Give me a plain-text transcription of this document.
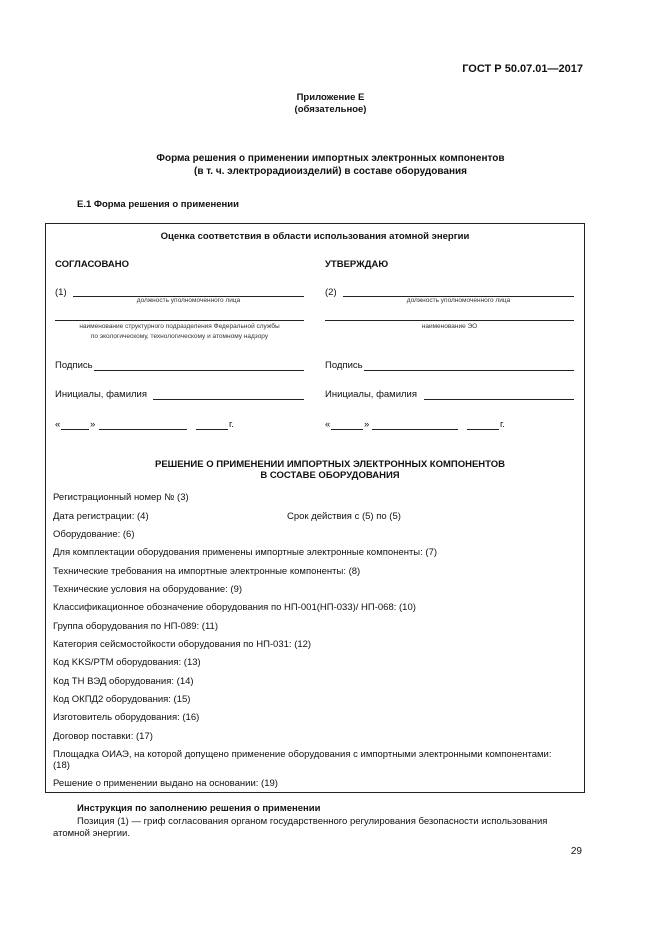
ГОСТ Р 50.07.01—2017
Приложение Е
(обязательное)
Форма решения о применении импортных электронных компонентов
(в т. ч. электрорадиоизделий) в составе оборудования
Е.1 Форма решения о применении
Оценка соответствия в области использования атомной энергии
СОГЛАСОВАНО
(1)
должность уполномоченного лица
наименование структурного подразделения Федеральной службы
по экологическому, технологическому и атомному надзору
Подпись
Инициалы, фамилия
«	»	г.
УТВЕРЖДАЮ
(2)
должность уполномоченного лица
наименование ЭО
Подпись
Инициалы, фамилия
«	»	г.
РЕШЕНИЕ О ПРИМЕНЕНИИ ИМПОРТНЫХ ЭЛЕКТРОННЫХ КОМПОНЕНТОВ
В СОСТАВЕ ОБОРУДОВАНИЯ
Регистрационный номер № (3)
Дата регистрации: (4)	Срок действия с (5) по (5)
Оборудование: (6)
Для комплектации оборудования применены импортные электронные компоненты: (7)
Технические требования на импортные электронные компоненты: (8)
Технические условия на оборудование: (9)
Классификационное обозначение оборудования по НП-001(НП-033)/ НП-068: (10)
Группа оборудования по НП-089: (11)
Категория сейсмостойкости оборудования по НП-031: (12)
Код KKS/PTM оборудования: (13)
Код ТН ВЭД оборудования: (14)
Код ОКПД2 оборудования: (15)
Изготовитель оборудования: (16)
Договор поставки: (17)
Площадка ОИАЭ, на которой допущено применение оборудования с импортными электронными компонентами:
(18)
Решение о применении выдано на основании: (19)
Инструкция по заполнению решения о применении
Позиция (1) — гриф согласования органом государственного регулирования безопасности использования
атомной энергии.
29
